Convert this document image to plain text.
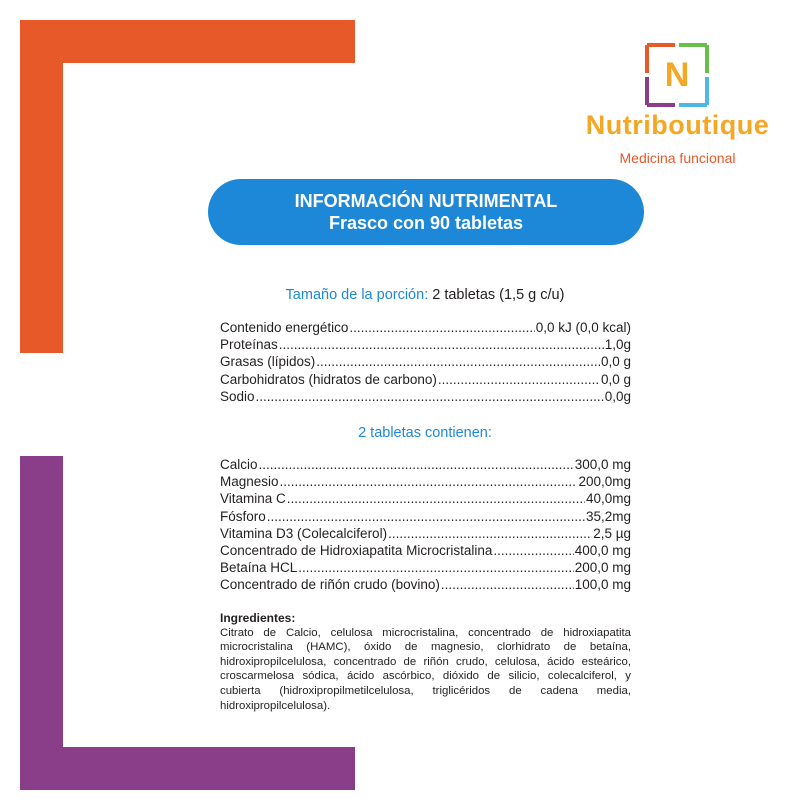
N
Nutriboutique
Medicina funcional
INFORMACIÓN NUTRIMENTAL
Frasco con 90 tabletas
Tamaño de la porción: 2 tabletas (1,5 g c/u)
Contenido energético .....	0,0 kJ (0,0 kcal)
Proteínas .....	1,0g
Grasas (lípidos) .....	0,0 g
Carbohidratos (hidratos de carbono) .....	0,0 g
Sodio .....	0,0g
2 tabletas contienen:
Calcio .....	300,0 mg
Magnesio .....	200,0mg
Vitamina C .....	40,0mg
Fósforo .....	35,2mg
Vitamina D3 (Colecalciferol) .....	2,5 µg
Concentrado de Hidroxiapatita Microcristalina .....	400,0 mg
Betaína HCL .....	200,0 mg
Concentrado de riñón crudo (bovino) .....	100,0 mg
Ingredientes:
Citrato de Calcio, celulosa microcristalina, concentrado de hidroxiapatita microcristalina (HAMC), óxido de magnesio, clorhidrato de betaína, hidroxipropilcelulosa, concentrado de riñón crudo, celulosa, ácido esteárico, croscarmelosa sódica, ácido ascórbico, dióxido de silicio, colecalciferol, y cubierta (hidroxipropilmetilcelulosa, triglicéridos de cadena media, hidroxipropilcelulosa).
